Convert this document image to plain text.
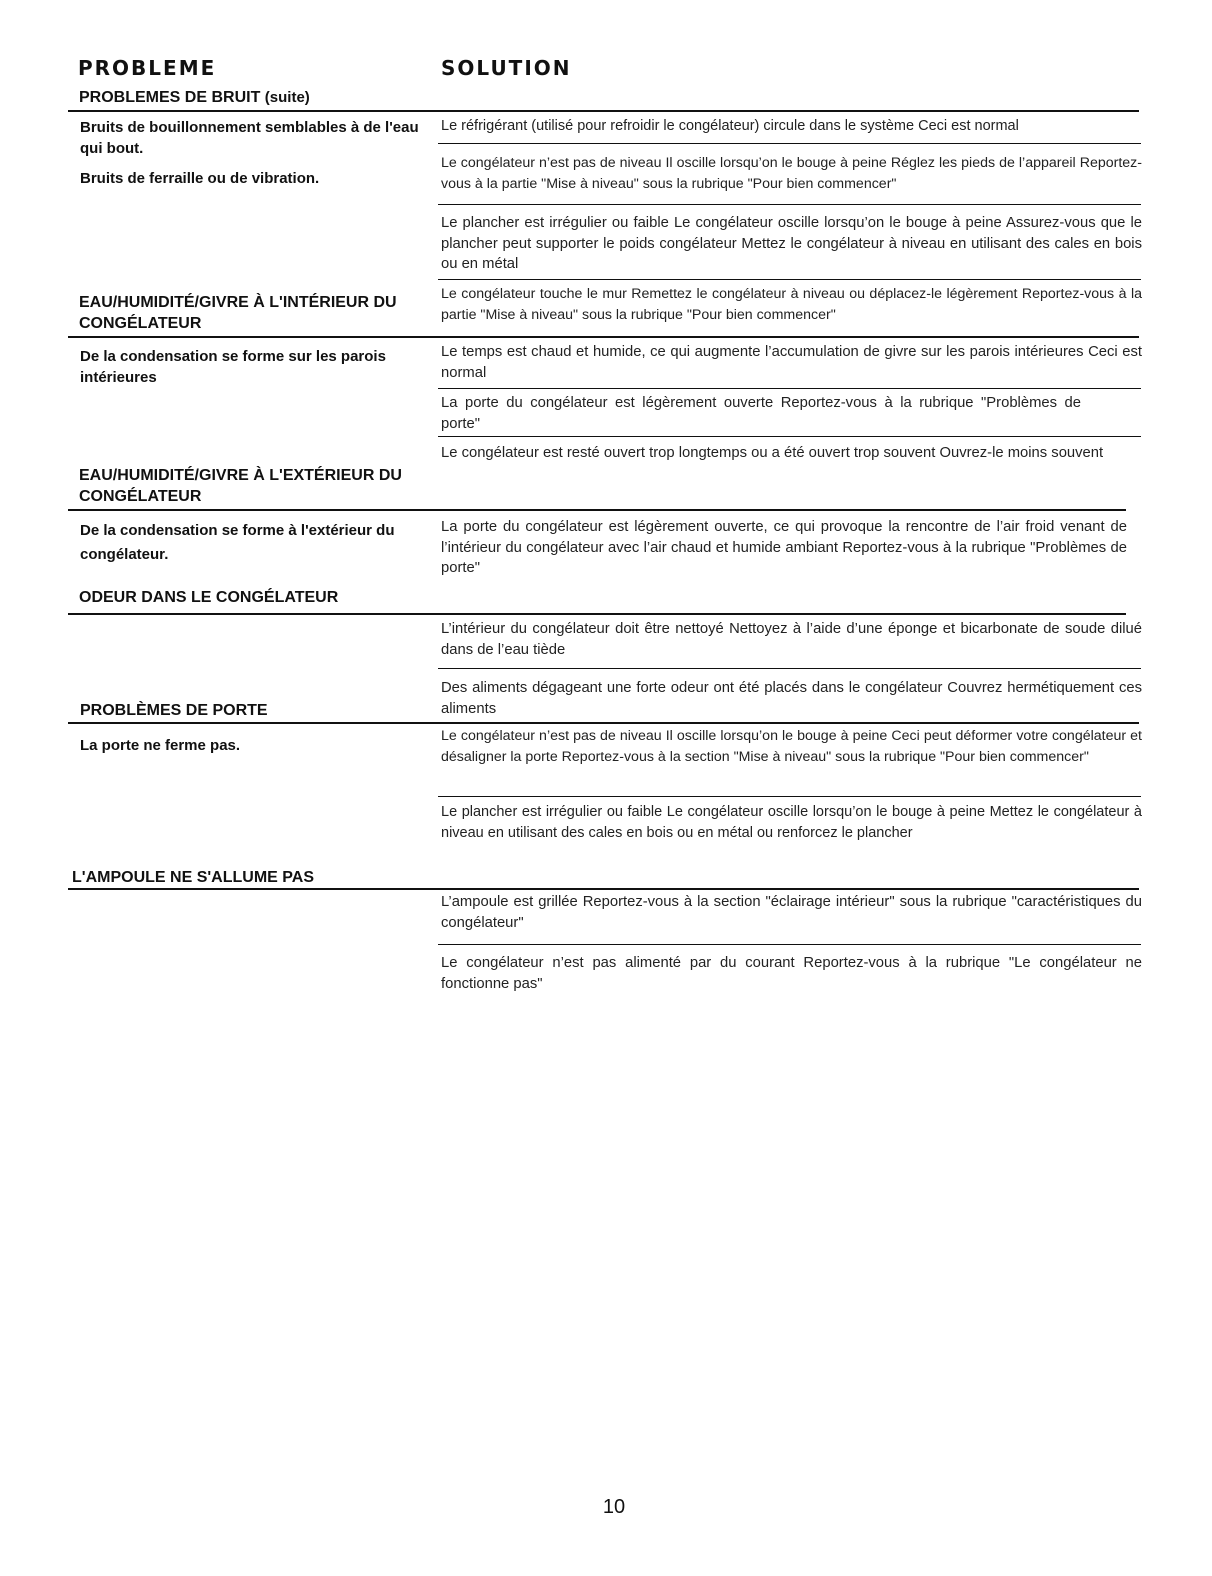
PROBLEME	SOLUTION
PROBLEMES DE BRUIT (suite)
Bruits de bouillonnement semblables à de l'eau qui bout.
Bruits de ferraille ou de vibration.
Le réfrigérant (utilisé pour refroidir le congélateur) circule dans le système Ceci est normal
Le congélateur n’est pas de niveau Il oscille lorsqu’on le bouge à peine Réglez les pieds de l’appareil Reportez-vous à la partie "Mise à niveau" sous la rubrique "Pour bien commencer"
Le plancher est irrégulier ou faible Le congélateur oscille lorsqu’on le bouge à peine Assurez-vous que le plancher peut supporter le poids congélateur Mettez le congélateur à niveau en utilisant des cales en bois ou en métal
EAU/HUMIDITÉ/GIVRE À L'INTÉRIEUR DU CONGÉLATEUR
Le congélateur touche le mur Remettez le congélateur à niveau ou déplacez-le légèrement Reportez-vous à la partie "Mise à niveau" sous la rubrique "Pour bien commencer"
De la condensation se forme sur les parois intérieures
Le temps est chaud et humide, ce qui augmente l’accumulation de givre sur les parois intérieures Ceci est normal
La porte du congélateur est légèrement ouverte Reportez-vous à la rubrique "Problèmes de porte"
Le congélateur est resté ouvert trop longtemps ou a été ouvert trop souvent Ouvrez-le moins souvent
EAU/HUMIDITÉ/GIVRE À L'EXTÉRIEUR DU CONGÉLATEUR
De la condensation se forme à l'extérieur du congélateur.
La porte du congélateur est légèrement ouverte, ce qui provoque la rencontre de l’air froid venant de l’intérieur du congélateur avec l’air chaud et humide ambiant Reportez-vous à la rubrique "Problèmes de porte"
ODEUR DANS LE CONGÉLATEUR
L’intérieur du congélateur doit être nettoyé Nettoyez à l’aide d’une éponge et bicarbonate de soude dilué dans de l’eau tiède
Des aliments dégageant une forte odeur ont été placés dans le congélateur Couvrez hermétiquement ces aliments
PROBLÈMES DE PORTE
La porte ne ferme pas.
Le congélateur n’est pas de niveau Il oscille lorsqu’on le bouge à peine Ceci peut déformer votre congélateur et désaligner la porte Reportez-vous à la section "Mise à niveau" sous la rubrique "Pour bien commencer"
Le plancher est irrégulier ou faible Le congélateur oscille lorsqu’on le bouge à peine Mettez le congélateur à niveau en utilisant des cales en bois ou en métal ou renforcez le plancher
L'AMPOULE NE S'ALLUME PAS
L’ampoule est grillée Reportez-vous à la section "éclairage intérieur" sous la rubrique "caractéristiques du congélateur"
Le congélateur n’est pas alimenté par du courant Reportez-vous à la rubrique "Le congélateur ne fonctionne pas"
10
